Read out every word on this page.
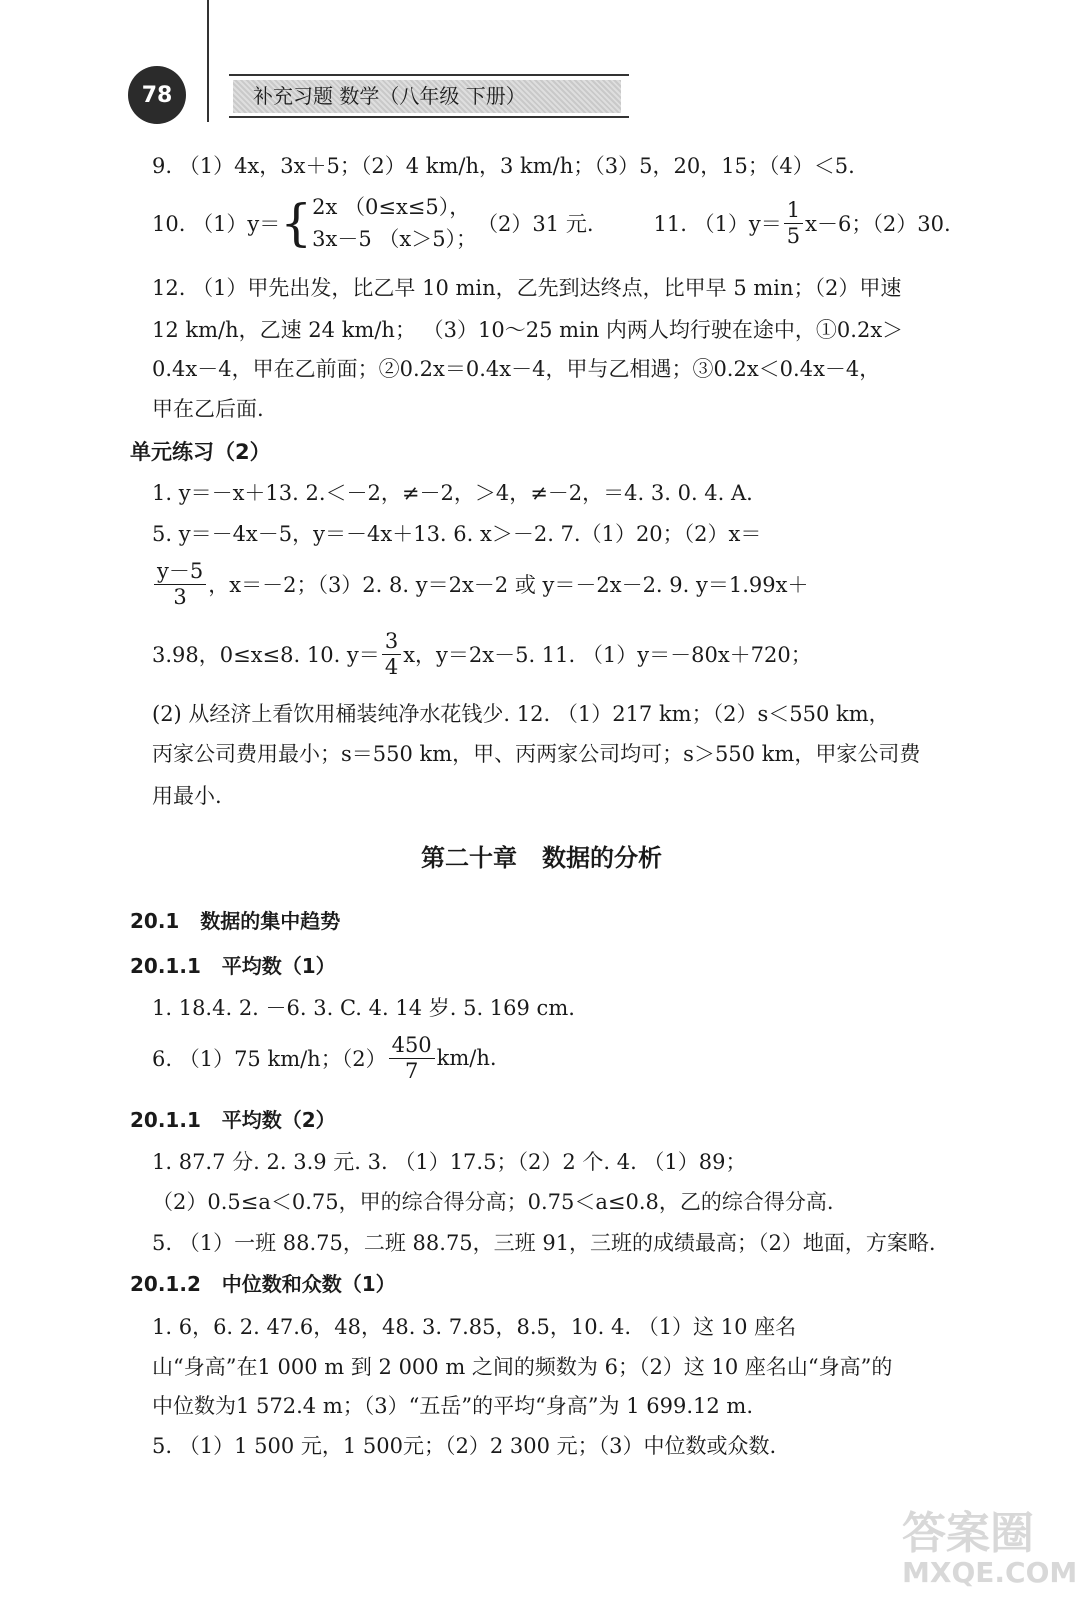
78	补充习题 数学（八年级 下册）
9. （1）4x，3x＋5；（2）4 km/h，3 km/h；（3）5，20，15；（4）＜5.
10. （1）y＝ { 2x （0≤x≤5），
3x－5 （x＞5）；
（2）31 元.	11. $(1)y= \frac{1}{5} x-6$；（2）30.
12. （1）甲先出发，比乙早 10 min，乙先到达终点，比甲早 5 min；（2）甲速
12 km/h，乙速 24 km/h； （3）10～25 min 内两人均行驶在途中，①0.2x＞
0.4x－4，甲在乙前面；②0.2x＝0.4x－4，甲与乙相遇；③0.2x＜0.4x－4，
甲在乙后面.
单元练习（2）
1. y＝－x＋13. 2.＜－2，≠－2，＞4，≠－2，＝4. 3. 0. 4. A.
5. y＝－4x－5，y＝－4x＋13. 6. x＞－2. 7.（1）20；（2）x＝
$\frac{y-5}{3}$ ，x＝－2；（3）2. 8. y＝2x－2 或 y＝－2x－2. 9. y＝1.99x＋
3.98，0≤x≤8. 10. $y= \frac{3}{4}$ x，y＝2x－5. 11. （1）y＝－80x＋720；
(2) 从经济上看饮用桶装纯净水花钱少. 12. （1）217 km；（2）s＜550 km，
丙家公司费用最小；s＝550 km，甲、丙两家公司均可；s＞550 km，甲家公司费
用最小.
第二十章   数据的分析
20.1   数据的集中趋势
20.1.1   平均数（1）
1. 18.4. 2. －6. 3. C. 4. 14 岁. 5. 169 cm.
6. （1）75 km/h；$(2) \frac{450}{7} km/h$.
20.1.1   平均数（2）
1. 87.7 分. 2. 3.9 元. 3. （1）17.5；（2）2 个. 4. （1）89；
（2）0.5≤a＜0.75，甲的综合得分高；0.75＜a≤0.8，乙的综合得分高.
5. （1）一班 88.75，二班 88.75，三班 91，三班的成绩最高；（2）地面，方案略.
20.1.2   中位数和众数（1）
1. 6，6. 2. 47.6，48，48. 3. 7.85，8.5，10. 4. （1）这 10 座名
山“身高”在1 000 m 到 2 000 m 之间的频数为 6；（2）这 10 座名山“身高”的
中位数为1 572.4 m；（3）“五岳”的平均“身高”为 1 699.12 m.
5. （1）1 500 元，1 500元；（2）2 300 元；（3）中位数或众数.
答案圈
MXQE.COM
